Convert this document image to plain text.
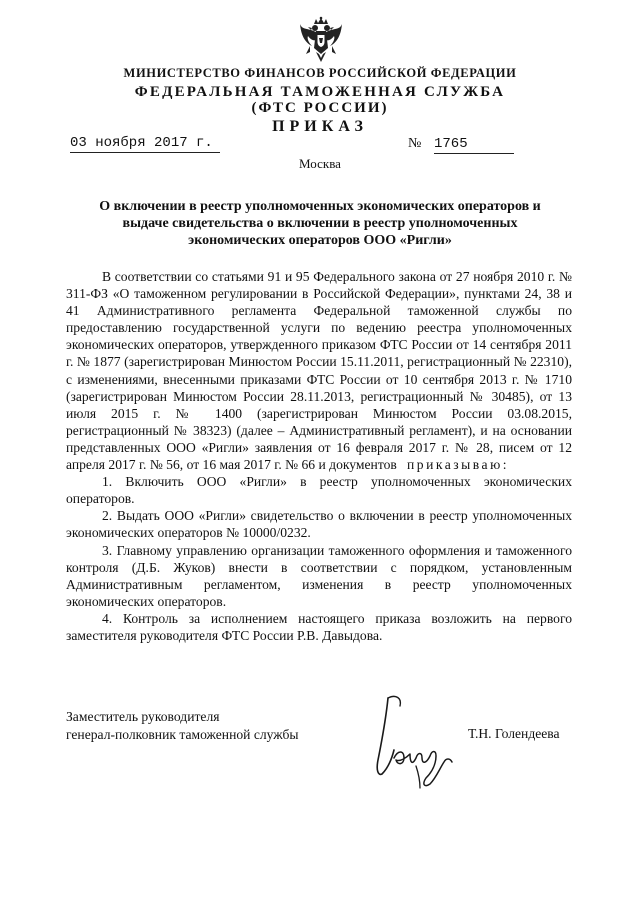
МИНИСТЕРСТВО ФИНАНСОВ РОССИЙСКОЙ ФЕДЕРАЦИИ
ФЕДЕРАЛЬНАЯ ТАМОЖЕННАЯ СЛУЖБА
(ФТС РОССИИ)
ПРИКАЗ
03 ноября 2017 г.	№ 1765
Москва
О включении в реестр уполномоченных экономических операторов и выдаче свидетельства о включении в реестр уполномоченных экономических операторов ООО «Ригли»

В соответствии со статьями 91 и 95 Федерального закона от 27 ноября 2010 г. № 311-ФЗ «О таможенном регулировании в Российской Федерации», пунктами 24, 38 и 41 Административного регламента Федеральной таможенной службы по предоставлению государственной услуги по ведению реестра уполномоченных экономических операторов, утвержденного приказом ФТС России от 14 сентября 2011 г. № 1877 (зарегистрирован Минюстом России 15.11.2011, регистрационный № 22310), с изменениями, внесенными приказами ФТС России от 10 сентября 2013 г. № 1710 (зарегистрирован Минюстом России 28.11.2013, регистрационный № 30485), от 13 июля 2015 г. № 1400 (зарегистрирован Минюстом России 03.08.2015, регистрационный № 38323) (далее – Административный регламент), и на основании представленных ООО «Ригли» заявления от 16 февраля 2017 г. № 28, писем от 12 апреля 2017 г. № 56, от 16 мая 2017 г. № 66 и документов приказываю:

1. Включить ООО «Ригли» в реестр уполномоченных экономических операторов.

2. Выдать ООО «Ригли» свидетельство о включении в реестр уполномоченных экономических операторов № 10000/0232.

3. Главному управлению организации таможенного оформления и таможенного контроля (Д.Б. Жуков) внести в соответствии с порядком, установленным Административным регламентом, изменения в реестр уполномоченных экономических операторов.

4. Контроль за исполнением настоящего приказа возложить на первого заместителя руководителя ФТС России Р.В. Давыдова.

Заместитель руководителя
генерал-полковник таможенной службы	Т.Н. Голендеева
